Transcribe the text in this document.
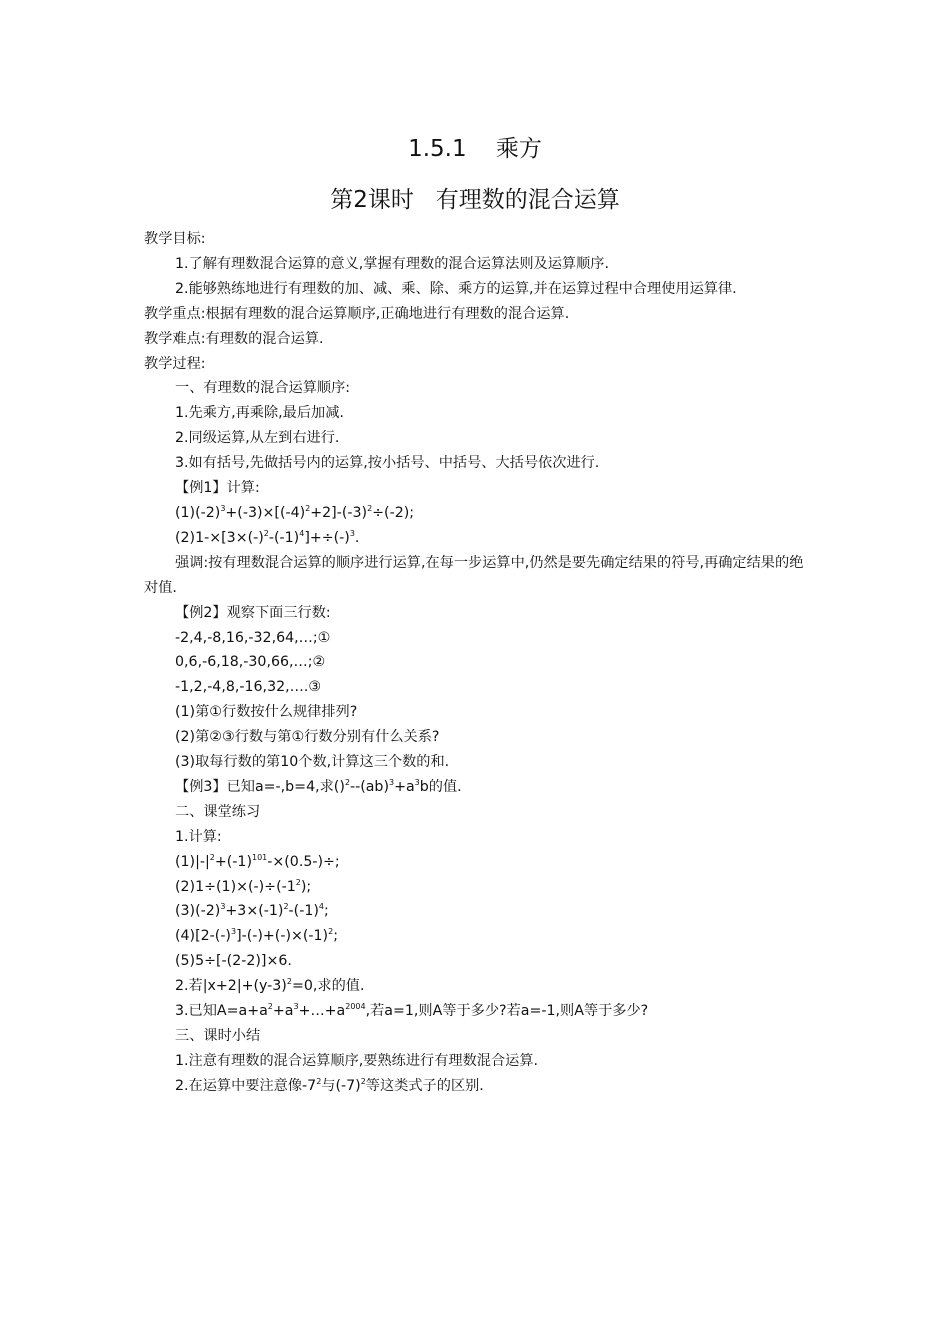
1.5.1    乘方
第2课时   有理数的混合运算

教学目标:

1.了解有理数混合运算的意义,掌握有理数的混合运算法则及运算顺序.

2.能够熟练地进行有理数的加、减、乘、除、乘方的运算,并在运算过程中合理使用运算律.

教学重点:根据有理数的混合运算顺序,正确地进行有理数的混合运算.

教学难点:有理数的混合运算.

教学过程:

一、有理数的混合运算顺序:

1.先乘方,再乘除,最后加减.

2.同级运算,从左到右进行.

3.如有括号,先做括号内的运算,按小括号、中括号、大括号依次进行.

【例1】计算:

$(1)(-2)^3+(-3)\times[(-4)^2+2]-(-3)^2\div(-2)$;

$(2)1-\times[3\times(-)^2-(-1)^4]+\div(-)^3$.

强调:按有理数混合运算的顺序进行运算,在每一步运算中,仍然是要先确定结果的符号,再确定结果的绝对值.

【例2】观察下面三行数:

-2,4,-8,16,-32,64,…;①

0,6,-6,18,-30,66,…;②

-1,2,-4,8,-16,32,….③

(1)第①行数按什么规律排列?

(2)第②③行数与第①行数分别有什么关系?

(3)取每行数的第10个数,计算这三个数的和.

【例3】已知a=-,b=4,求$()^2--(ab)^3+a^3b$的值.

二、课堂练习

1.计算:

$(1)|-|^2+(-1)^{101}-\times(0.5-)\div$;

$(2)1\div(1)\times(-)\div(-1^2)$;

$(3)(-2)^3+3\times(-1)^2-(-1)^4$;

$(4)[2-(-)^3]-(-)+(-)\times(-1)^2$;

(5)5÷[-(2-2)]×6.

2.若$|x+2|+(y-3)^2=0$,求的值.

3.已知$A=a+a^2+a^3+\dots+a^{2004}$,若a=1,则A等于多少?若a=-1,则A等于多少?

三、课时小结

1.注意有理数的混合运算顺序,要熟练进行有理数混合运算.

2.在运算中要注意像$-7^2$与$(-7)^2$等这类式子的区别.
